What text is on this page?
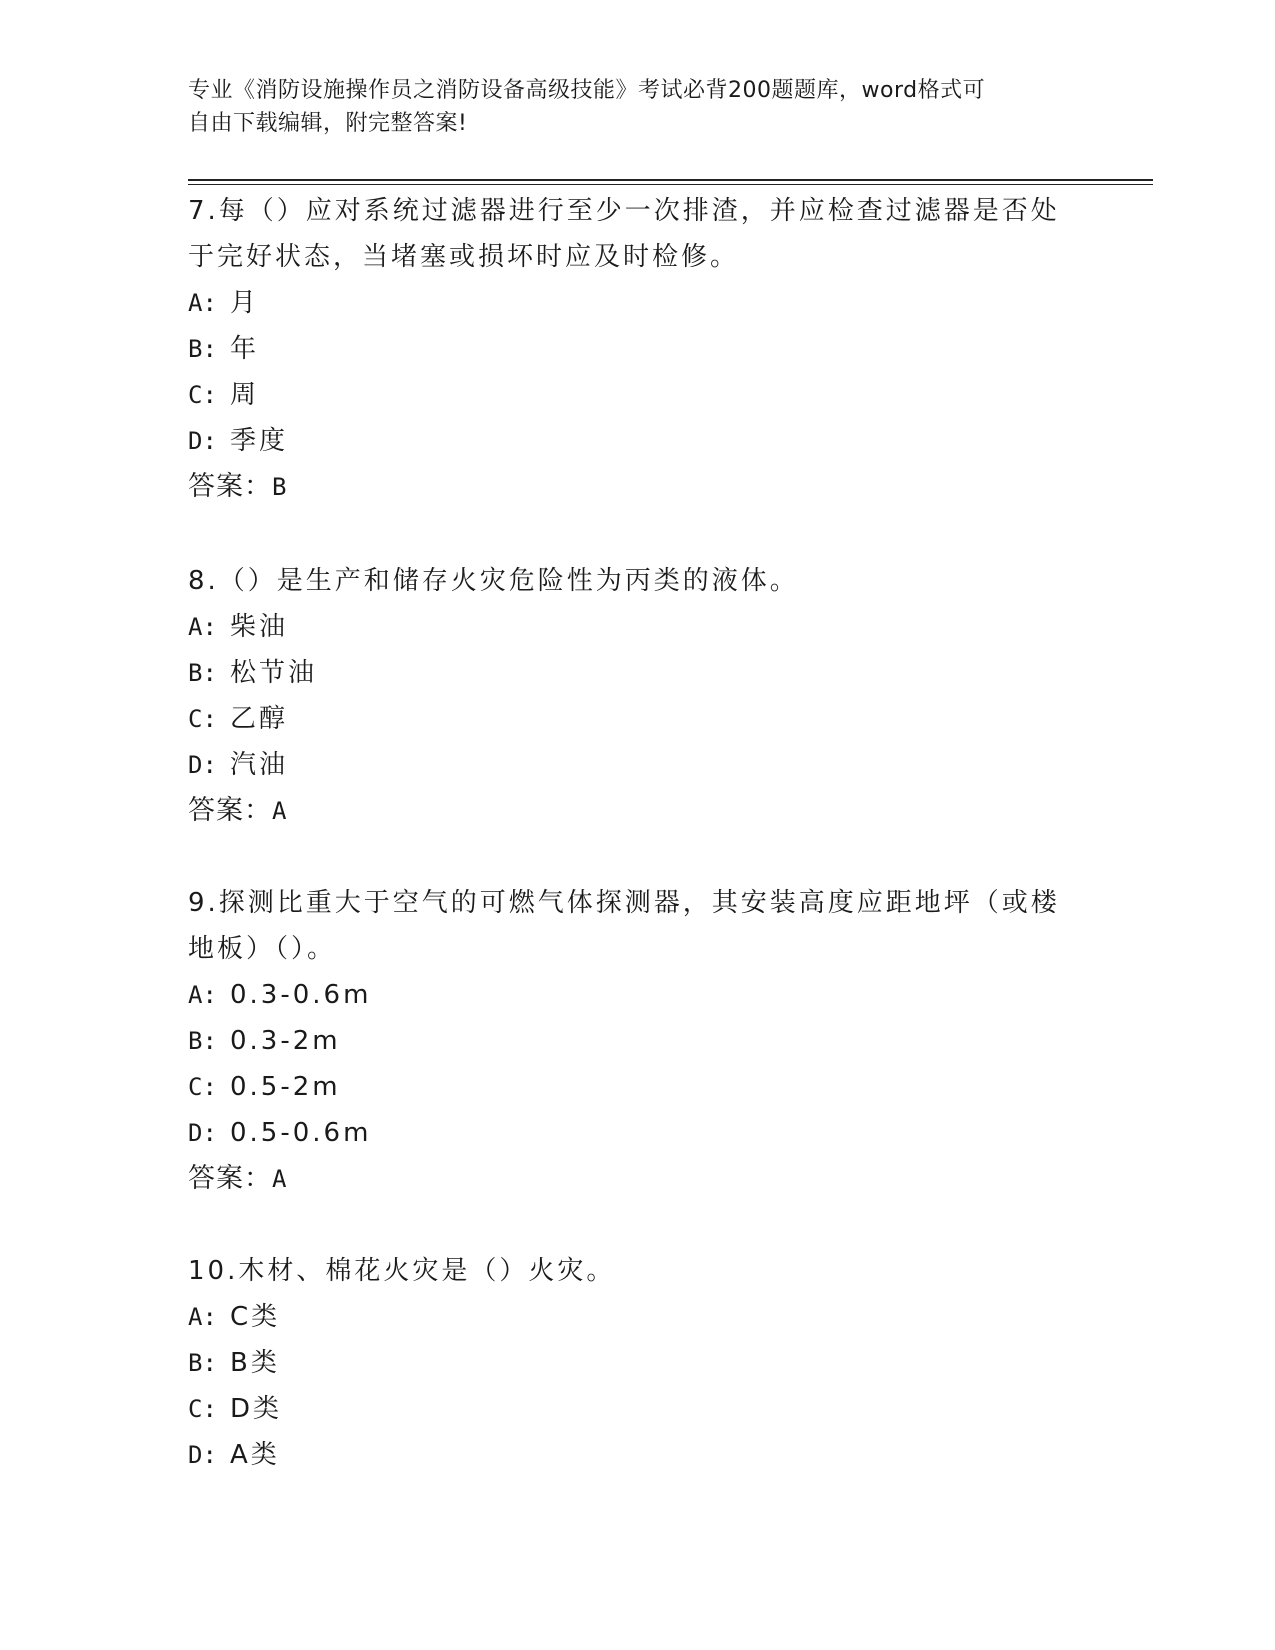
专业《消防设施操作员之消防设备高级技能》考试必背200题题库，word格式可
自由下载编辑，附完整答案!
7.每（）应对系统过滤器进行至少一次排渣，并应检查过滤器是否处
于完好状态，当堵塞或损坏时应及时检修。
A: 月
B: 年
C: 周
D: 季度
答案：B
8.（）是生产和储存火灾危险性为丙类的液体。
A: 柴油
B: 松节油
C: 乙醇
D: 汽油
答案：A
9.探测比重大于空气的可燃气体探测器，其安装高度应距地坪（或楼
地板）（）。
A: 0.3-0.6m
B: 0.3-2m
C: 0.5-2m
D: 0.5-0.6m
答案：A
10.木材、棉花火灾是（）火灾。
A: C类
B: B类
C: D类
D: A类
